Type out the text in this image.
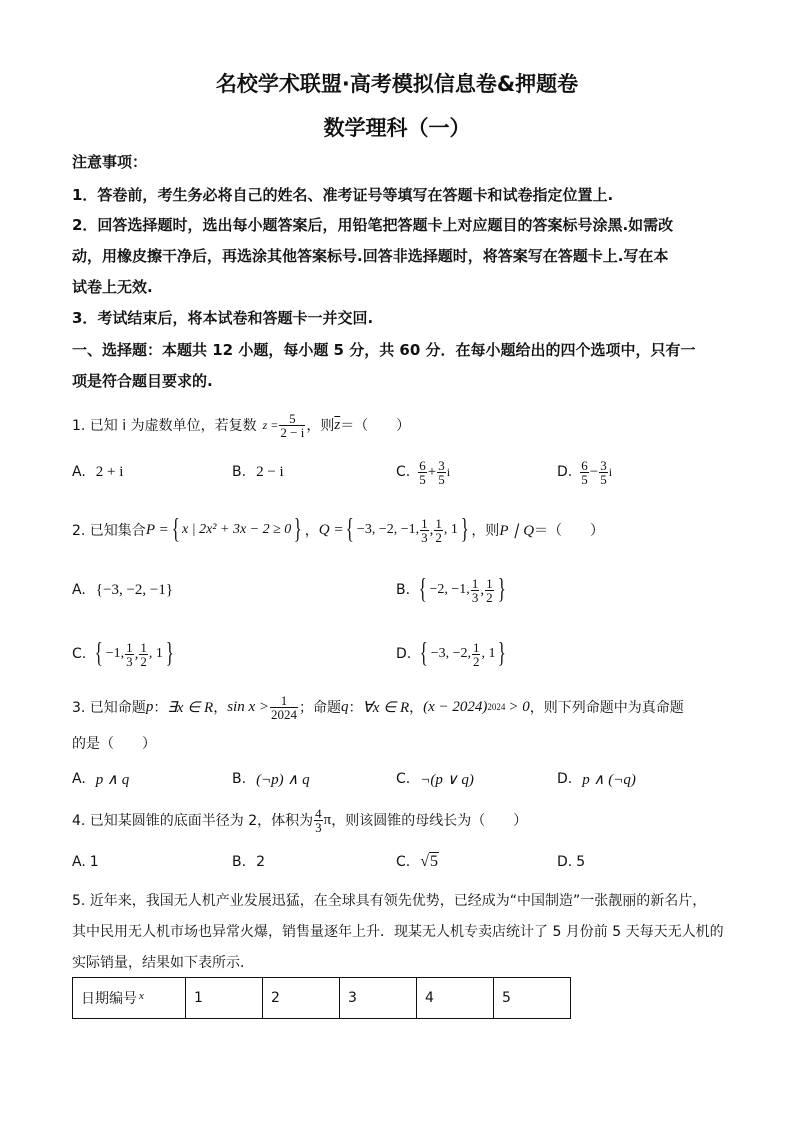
名校学术联盟·高考模拟信息卷&押题卷
数学理科（一）
注意事项：
1．答卷前，考生务必将自己的姓名、准考证号等填写在答题卡和试卷指定位置上.
2．回答选择题时，选出每小题答案后，用铅笔把答题卡上对应题目的答案标号涂黑.如需改
动，用橡皮擦干净后，再选涂其他答案标号.回答非选择题时，将答案写在答题卡上.写在本
试卷上无效.
3．考试结束后，将本试卷和答题卡一并交回.
一、选择题：本题共 12 小题，每小题 5 分，共 60 分．在每小题给出的四个选项中，只有一
项是符合题目要求的.
1. 已知 i 为虚数单位，若复数 $z = \frac{5}{2 - i}$ ，则 $\overline{z}$ ＝（　　）
A. 2 + i	B. 2 − i	C. $\frac{6}{5} + \frac{3}{5}$ i	D. $\frac{6}{5} - \frac{3}{5}$ i
2. 已知集合 P = { x | 2x² + 3x − 2 ≥ 0 } ， Q = { −3, −2, −1, $\frac{1}{3}$ , $\frac{1}{2}$ , 1 } ，则 P ∣ Q ＝（　　）
A. {−3, −2, −1}	B. { −2, −1, $\frac{1}{3}$ , $\frac{1}{2}$ }
C. { −1, $\frac{1}{3}$ , $\frac{1}{2}$ , 1 }	D. { −3, −2, $\frac{1}{2}$ , 1 }
3. 已知命题 p ： ∃x ∈ R ， $\sin x > \frac{1}{2024}$ ；命题 q ： ∀x ∈ R ， (x − 2024) 2024 > 0 ，则下列命题中为真命题
的是（　　）
A. p ∧ q	B. (¬p) ∧ q	C. ¬(p ∨ q)	D. p ∧ (¬q)
4. 已知某圆锥的底面半径为 2，体积为 $\frac{4}{3}$ π ，则该圆锥的母线长为（　　）
A. 1	B. 2	C. √5	D. 5
5. 近年来，我国无人机产业发展迅猛，在全球具有领先优势，已经成为“中国制造”一张靓丽的新名片，
其中民用无人机市场也异常火爆，销售量逐年上升．现某无人机专卖店统计了 5 月份前 5 天每天无人机的
实际销量，结果如下表所示．
日期编号 $^x$	1	2	3	4	5
